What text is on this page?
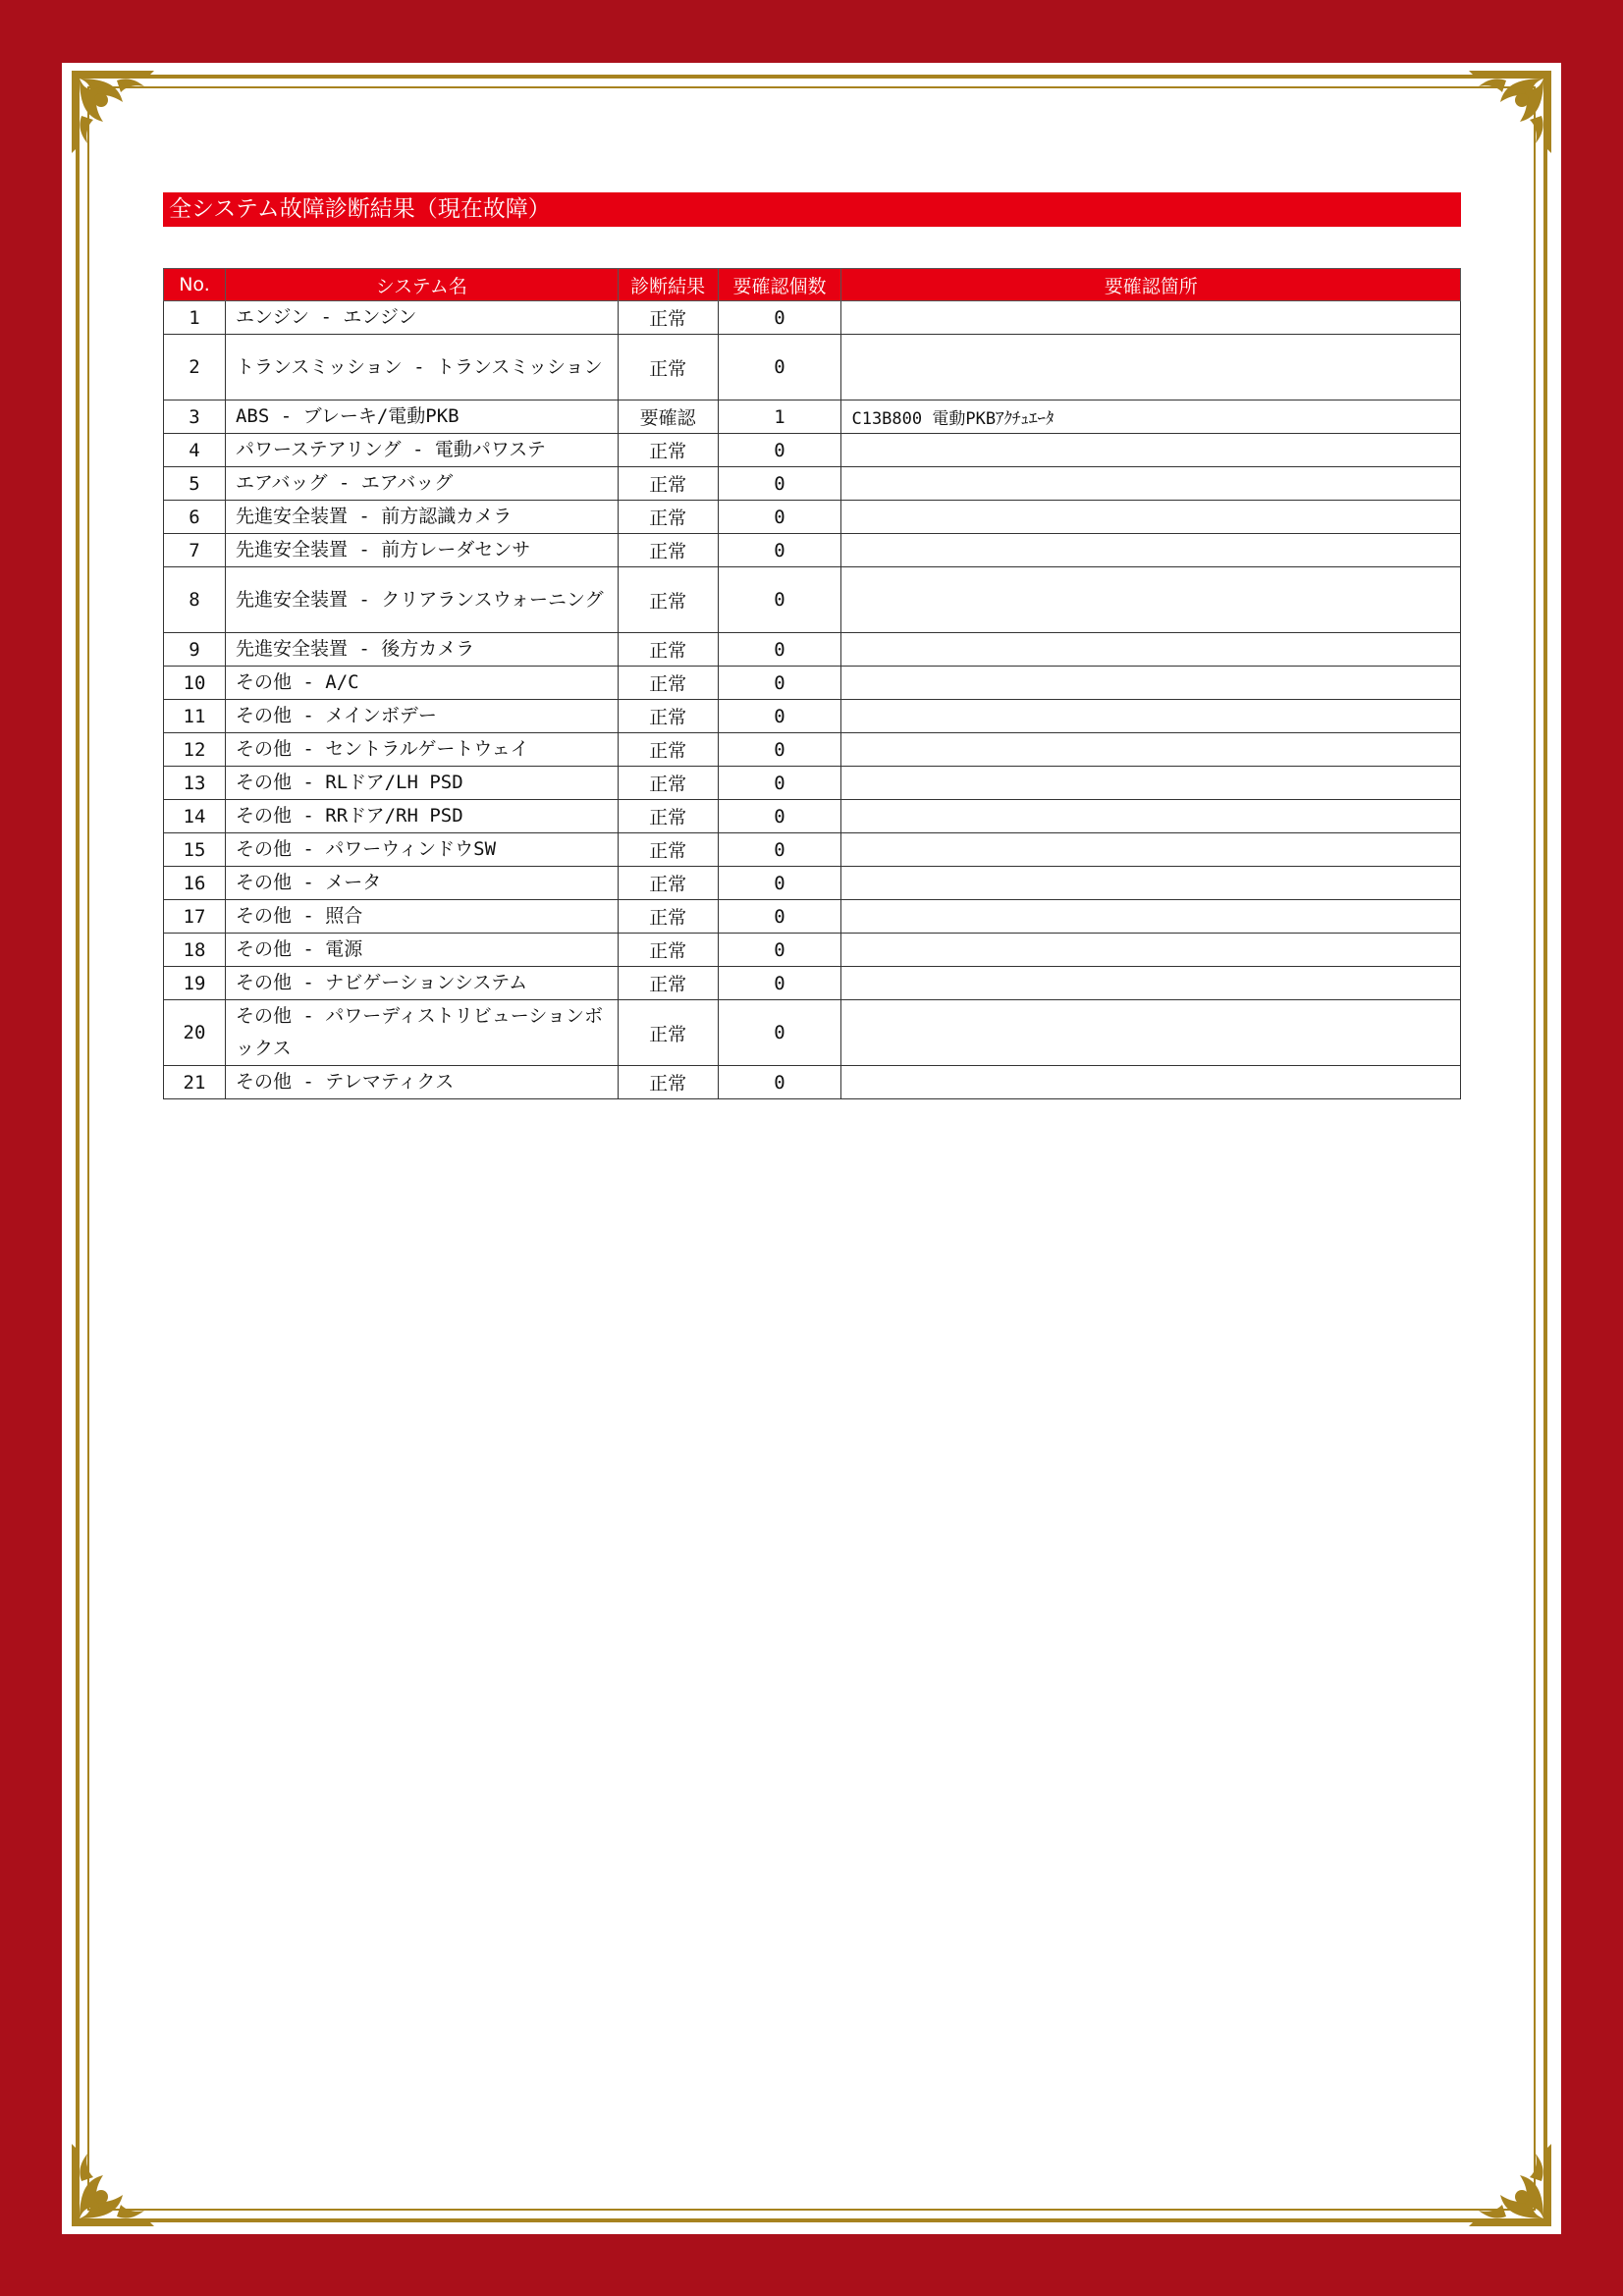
全システム故障診断結果（現在故障）
No.	システム名	診断結果	要確認個数	要確認箇所
1	エンジン - エンジン	正常	0	
2	トランスミッション - トランスミッション	正常	0	
3	ABS - ブレーキ/電動PKB	要確認	1	C13B800 電動PKBｱｸﾁｭｴｰﾀ
4	パワーステアリング - 電動パワステ	正常	0	
5	エアバッグ - エアバッグ	正常	0	
6	先進安全装置 - 前方認識カメラ	正常	0	
7	先進安全装置 - 前方レーダセンサ	正常	0	
8	先進安全装置 - クリアランスウォーニング	正常	0	
9	先進安全装置 - 後方カメラ	正常	0	
10	その他 - A/C	正常	0	
11	その他 - メインボデー	正常	0	
12	その他 - セントラルゲートウェイ	正常	0	
13	その他 - RLドア/LH PSD	正常	0	
14	その他 - RRドア/RH PSD	正常	0	
15	その他 - パワーウィンドウSW	正常	0	
16	その他 - メータ	正常	0	
17	その他 - 照合	正常	0	
18	その他 - 電源	正常	0	
19	その他 - ナビゲーションシステム	正常	0	
20	その他 - パワーディストリビューションボックス	正常	0	
21	その他 - テレマティクス	正常	0	
